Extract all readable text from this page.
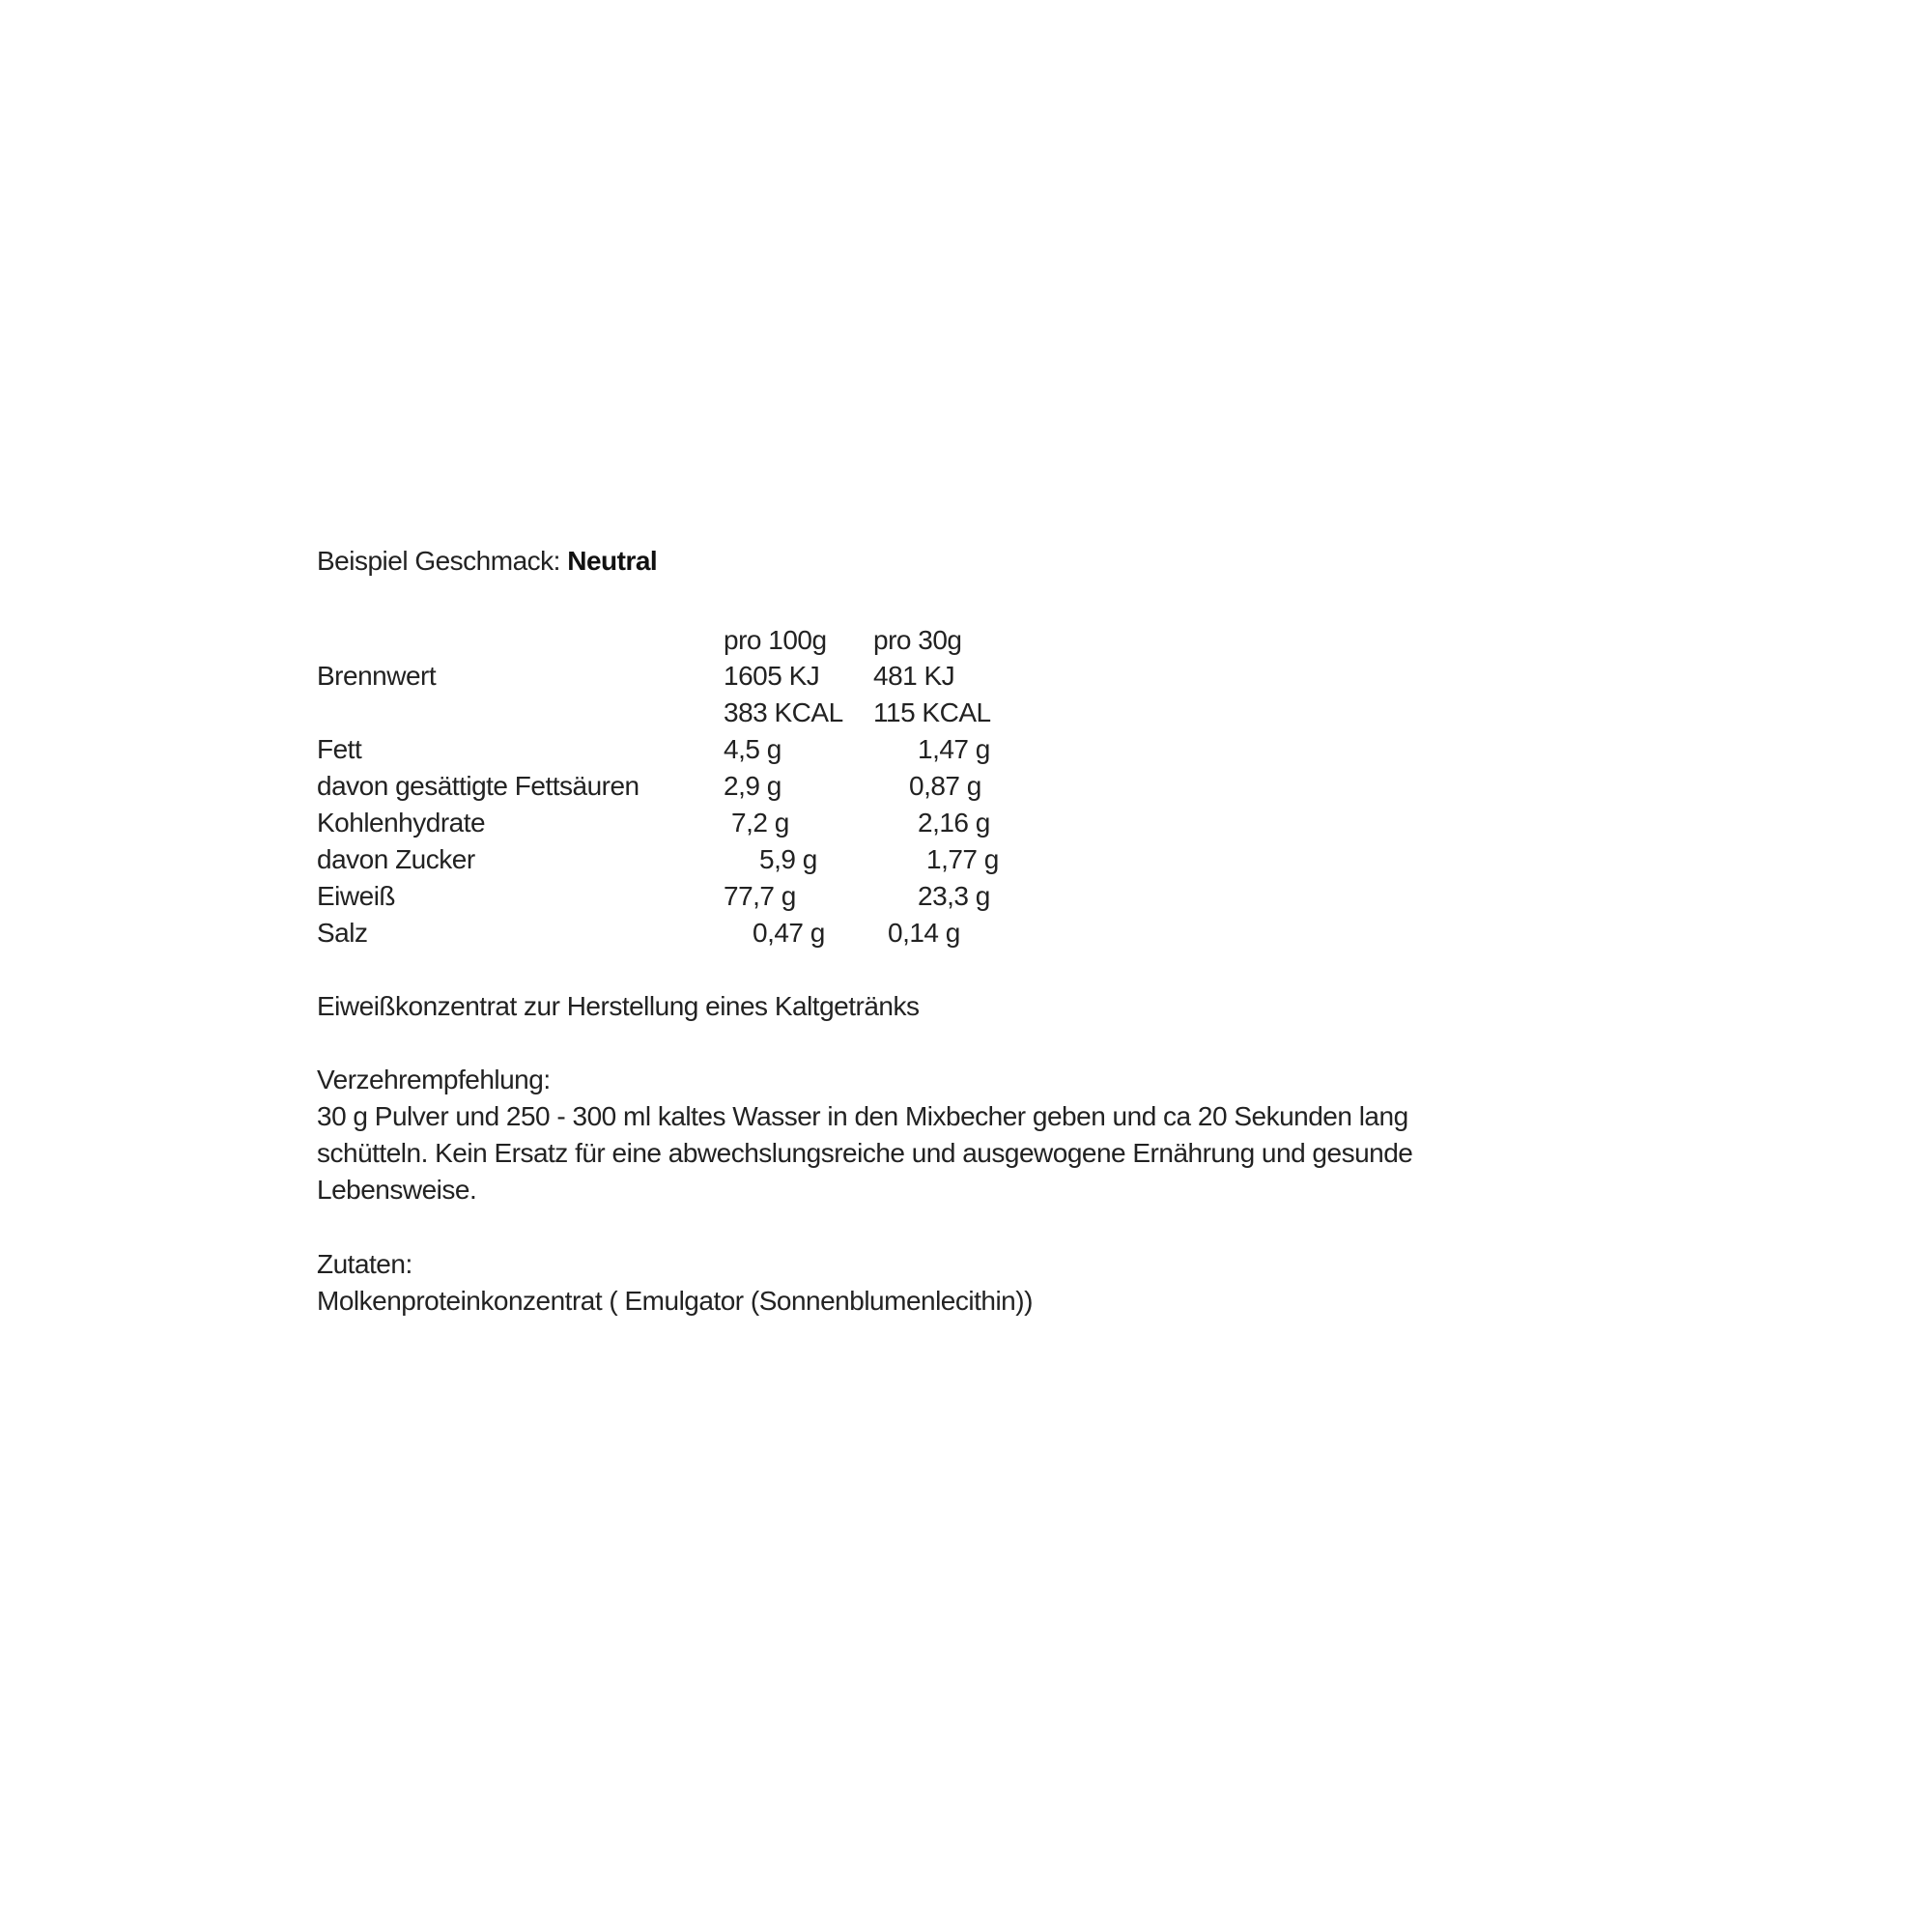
Beispiel Geschmack: Neutral
pro 100g pro 30g
Brennwert	1605 KJ 481 KJ
383 KCAL 115 KCAL
Fett	4,5 g	1,47 g
davon gesättigte Fettsäuren	2,9 g	0,87 g
Kohlenhydrate	7,2 g	2,16 g
davon Zucker	5,9 g	1,77 g
Eiweiß	77,7 g	23,3 g
Salz	0,47 g 0,14 g
Eiweißkonzentrat zur Herstellung eines Kaltgetränks
Verzehrempfehlung:
30 g Pulver und 250 - 300 ml kaltes Wasser in den Mixbecher geben und ca 20 Sekunden lang
schütteln. Kein Ersatz für eine abwechslungsreiche und ausgewogene Ernährung und gesunde
Lebensweise.
Zutaten:
Molkenproteinkonzentrat ( Emulgator (Sonnenblumenlecithin))
